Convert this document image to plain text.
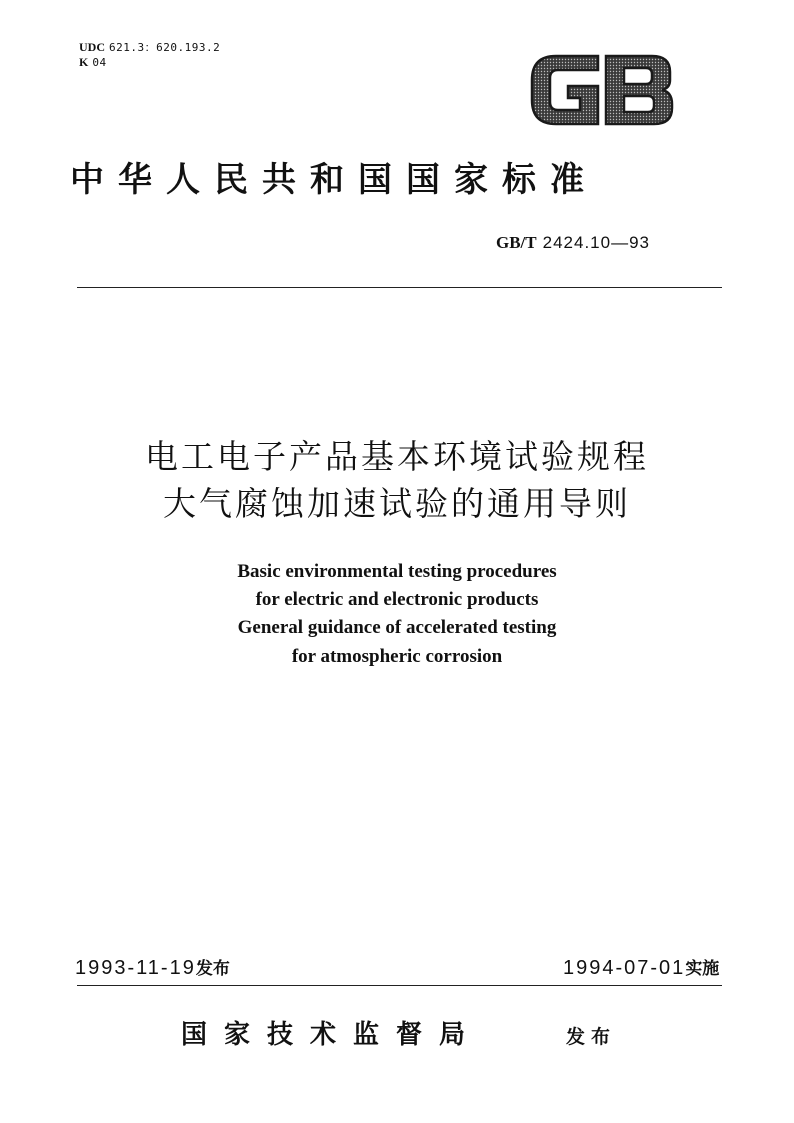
UDC 621.3：620.193.2
K 04
中华人民共和国国家标准
GB/T 2424.10—93
电工电子产品基本环境试验规程
大气腐蚀加速试验的通用导则
Basic environmental testing procedures
for electric and electronic products
General guidance of accelerated testing
for atmospheric corrosion
1993-11-19发布	1994-07-01实施
国家技术监督局	发布
